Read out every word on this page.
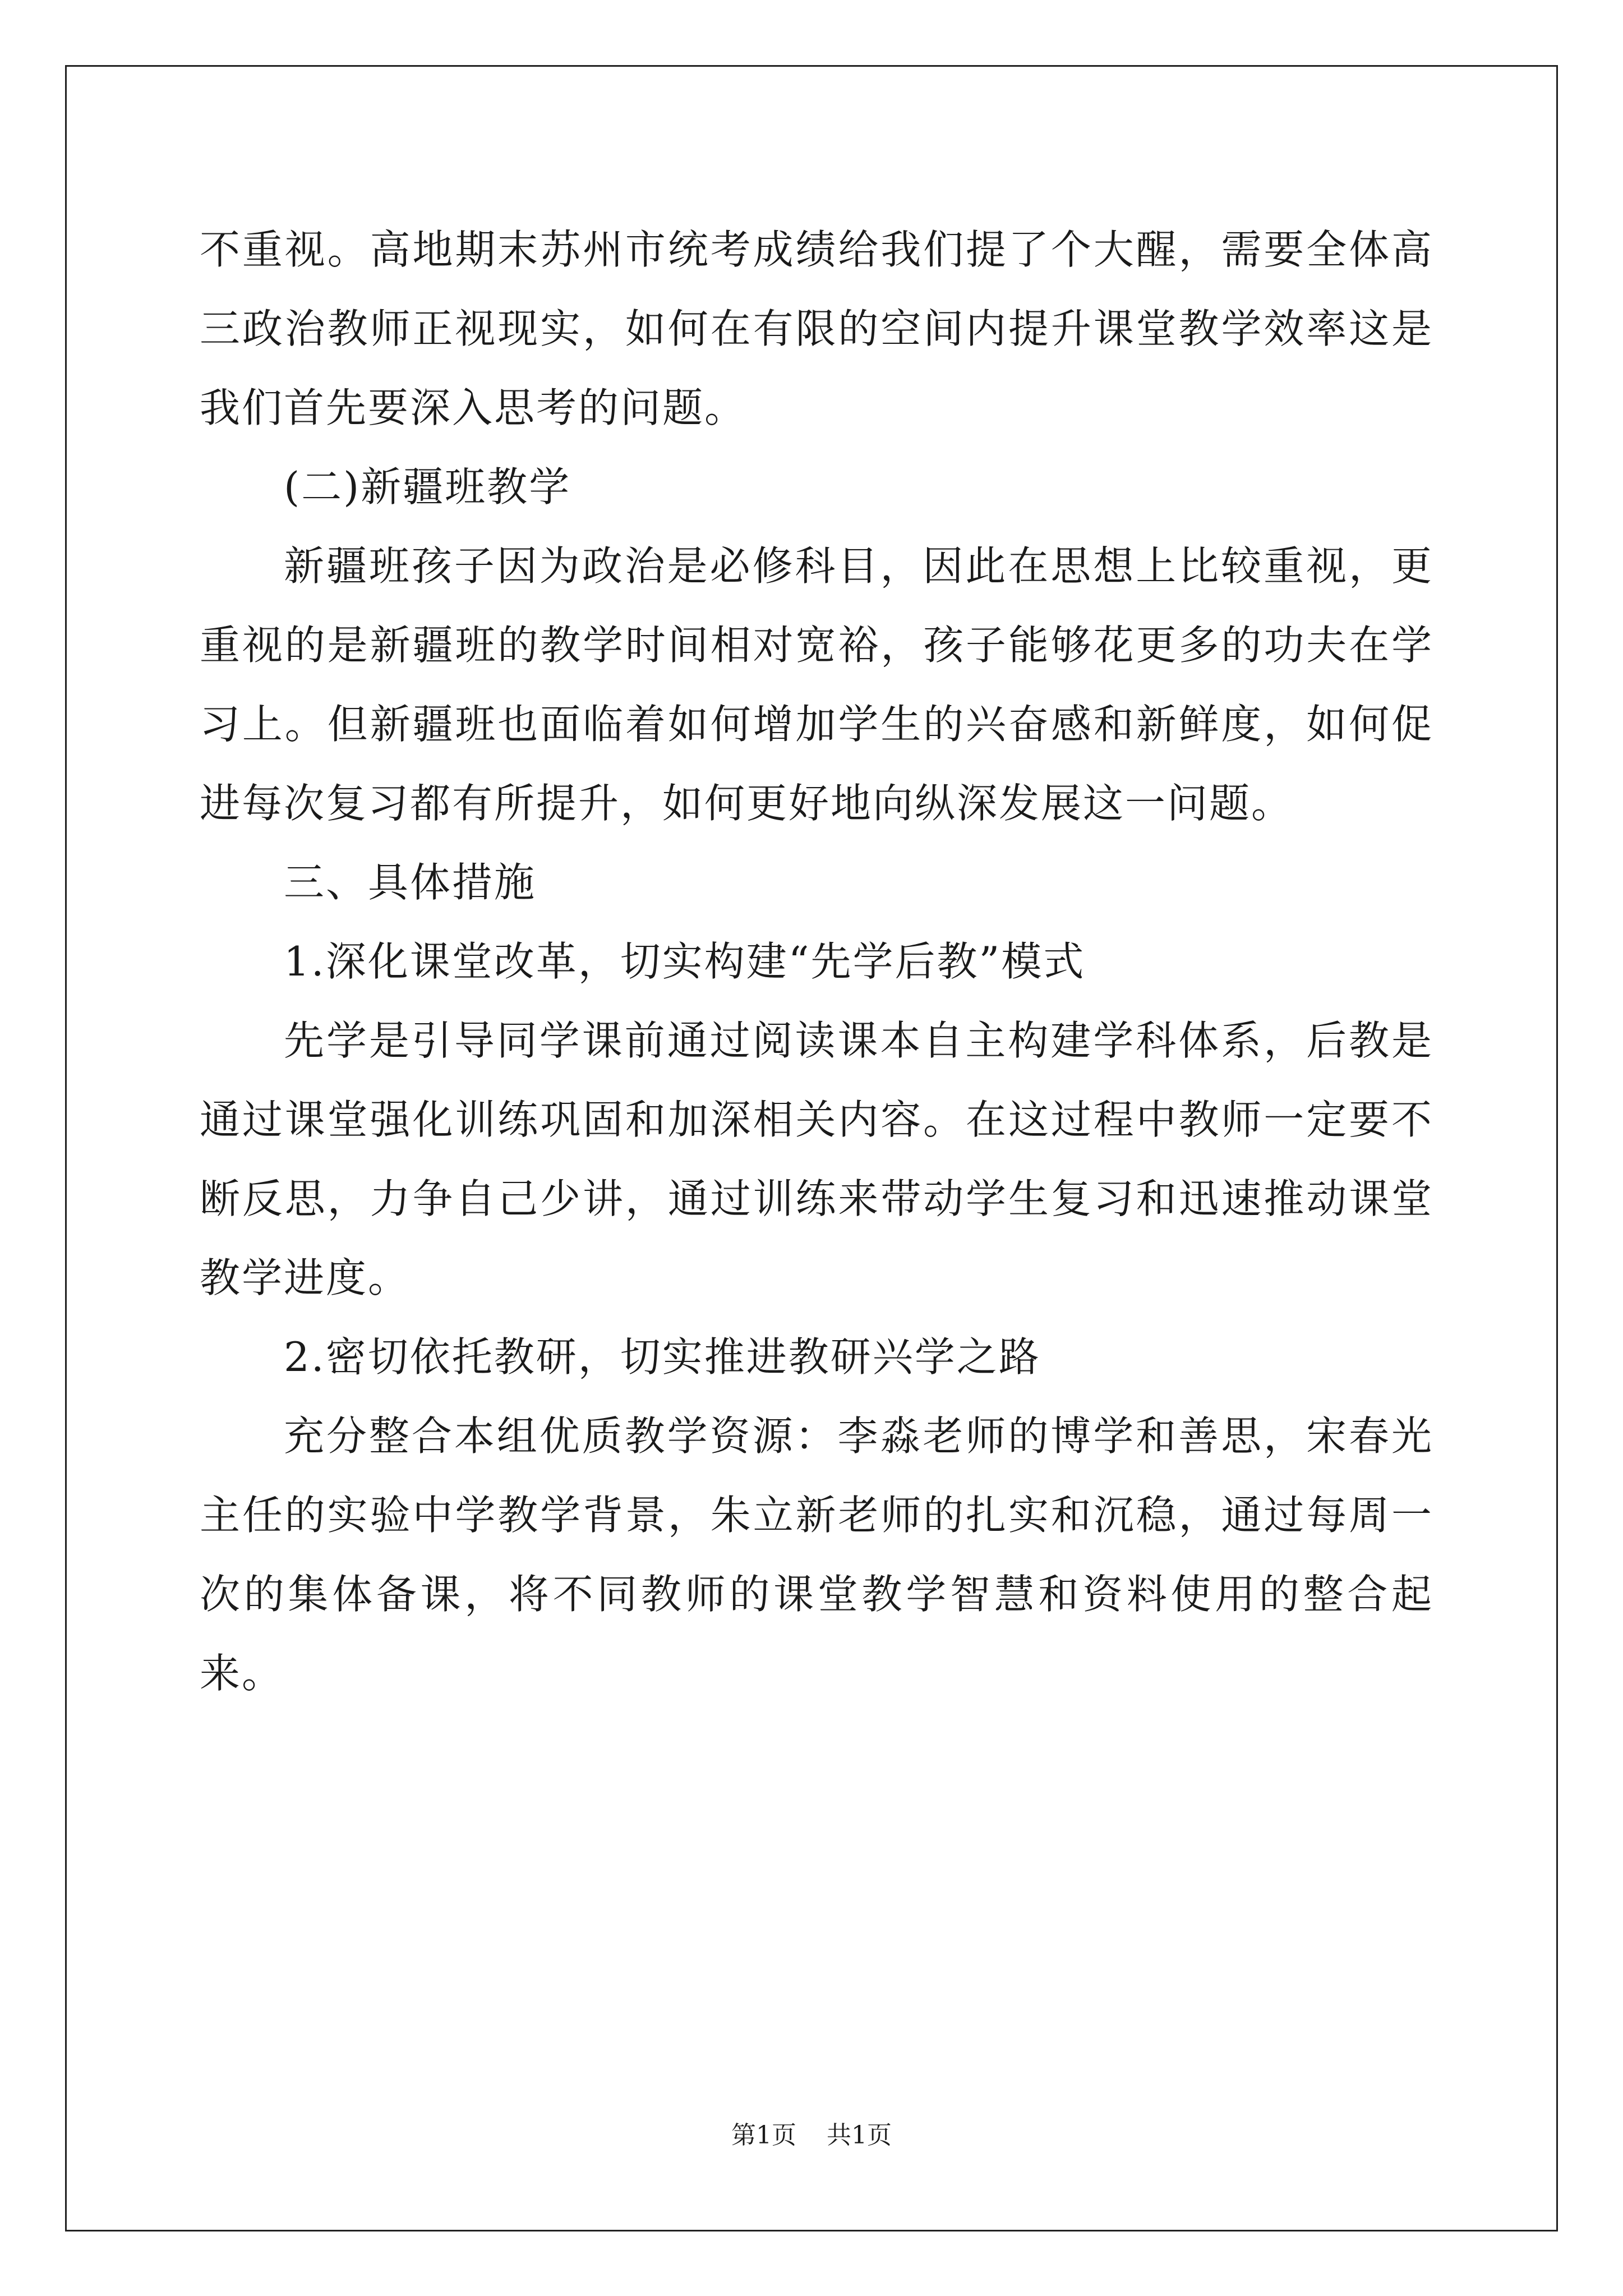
不重视。高地期末苏州市统考成绩给我们提了个大醒，需要全体高三政治教师正视现实，如何在有限的空间内提升课堂教学效率这是我们首先要深入思考的问题。

(二)新疆班教学

新疆班孩子因为政治是必修科目，因此在思想上比较重视，更重视的是新疆班的教学时间相对宽裕，孩子能够花更多的功夫在学习上。但新疆班也面临着如何增加学生的兴奋感和新鲜度，如何促进每次复习都有所提升，如何更好地向纵深发展这一问题。

三、具体措施

1.深化课堂改革，切实构建“先学后教”模式

先学是引导同学课前通过阅读课本自主构建学科体系，后教是通过课堂强化训练巩固和加深相关内容。在这过程中教师一定要不断反思，力争自己少讲，通过训练来带动学生复习和迅速推动课堂教学进度。

2.密切依托教研，切实推进教研兴学之路

充分整合本组优质教学资源：李淼老师的博学和善思，宋春光主任的实验中学教学背景，朱立新老师的扎实和沉稳，通过每周一次的集体备课，将不同教师的课堂教学智慧和资料使用的整合起来。

第1页 共1页
